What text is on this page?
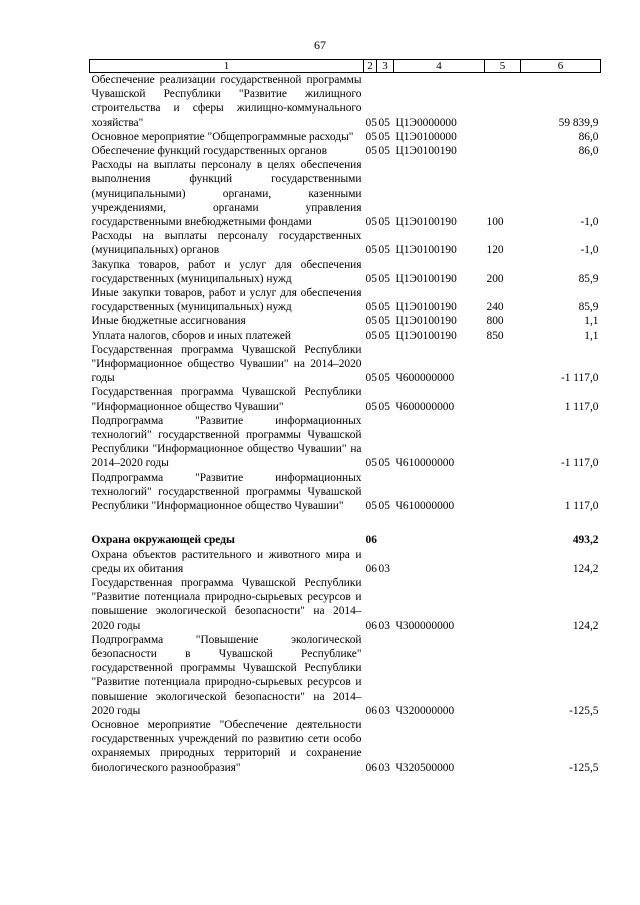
67
1	2	3	4	5	6
Обеспечение реализации государственной программы Чувашской Республики "Развитие жилищного строительства и сферы жилищно-коммунального хозяйства"	05	05	Ц1Э0000000		59 839,9
Основное мероприятие "Общепрограммные расходы"	05	05	Ц1Э0100000		86,0
Обеспечение функций государственных органов	05	05	Ц1Э0100190		86,0
Расходы на выплаты персоналу в целях обеспечения выполнения функций государственными (муниципальными) органами, казенными учреждениями, органами управления государственными внебюджетными фондами	05	05	Ц1Э0100190	100	-1,0
Расходы на выплаты персоналу государственных (муниципальных) органов	05	05	Ц1Э0100190	120	-1,0
Закупка товаров, работ и услуг для обеспечения государственных (муниципальных) нужд	05	05	Ц1Э0100190	200	85,9
Иные закупки товаров, работ и услуг для обеспечения государственных (муниципальных) нужд	05	05	Ц1Э0100190	240	85,9
Иные бюджетные ассигнования	05	05	Ц1Э0100190	800	1,1
Уплата налогов, сборов и иных платежей	05	05	Ц1Э0100190	850	1,1
Государственная программа Чувашской Республики "Информационное общество Чувашии" на 2014–2020 годы	05	05	Ч600000000		-1 117,0
Государственная программа Чувашской Республики "Информационное общество Чувашии"	05	05	Ч600000000		1 117,0
Подпрограмма "Развитие информационных технологий" государственной программы Чувашской Республики "Информационное общество Чувашии" на 2014–2020 годы	05	05	Ч610000000		-1 117,0
Подпрограмма "Развитие информационных технологий" государственной программы Чувашской Республики "Информационное общество Чувашии"	05	05	Ч610000000		1 117,0

Охрана окружающей среды	06				493,2
Охрана объектов растительного и животного мира и среды их обитания	06	03			124,2
Государственная программа Чувашской Республики "Развитие потенциала природно-сырьевых ресурсов и повышение экологической безопасности" на 2014–2020 годы	06	03	Ч300000000		124,2
Подпрограмма "Повышение экологической безопасности в Чувашской Республике" государственной программы Чувашской Республики "Развитие потенциала природно-сырьевых ресурсов и повышение экологической безопасности" на 2014–2020 годы	06	03	Ч320000000		-125,5
Основное мероприятие "Обеспечение деятельности государственных учреждений по развитию сети особо охраняемых природных территорий и сохранение биологического разнообразия"	06	03	Ч320500000		-125,5
